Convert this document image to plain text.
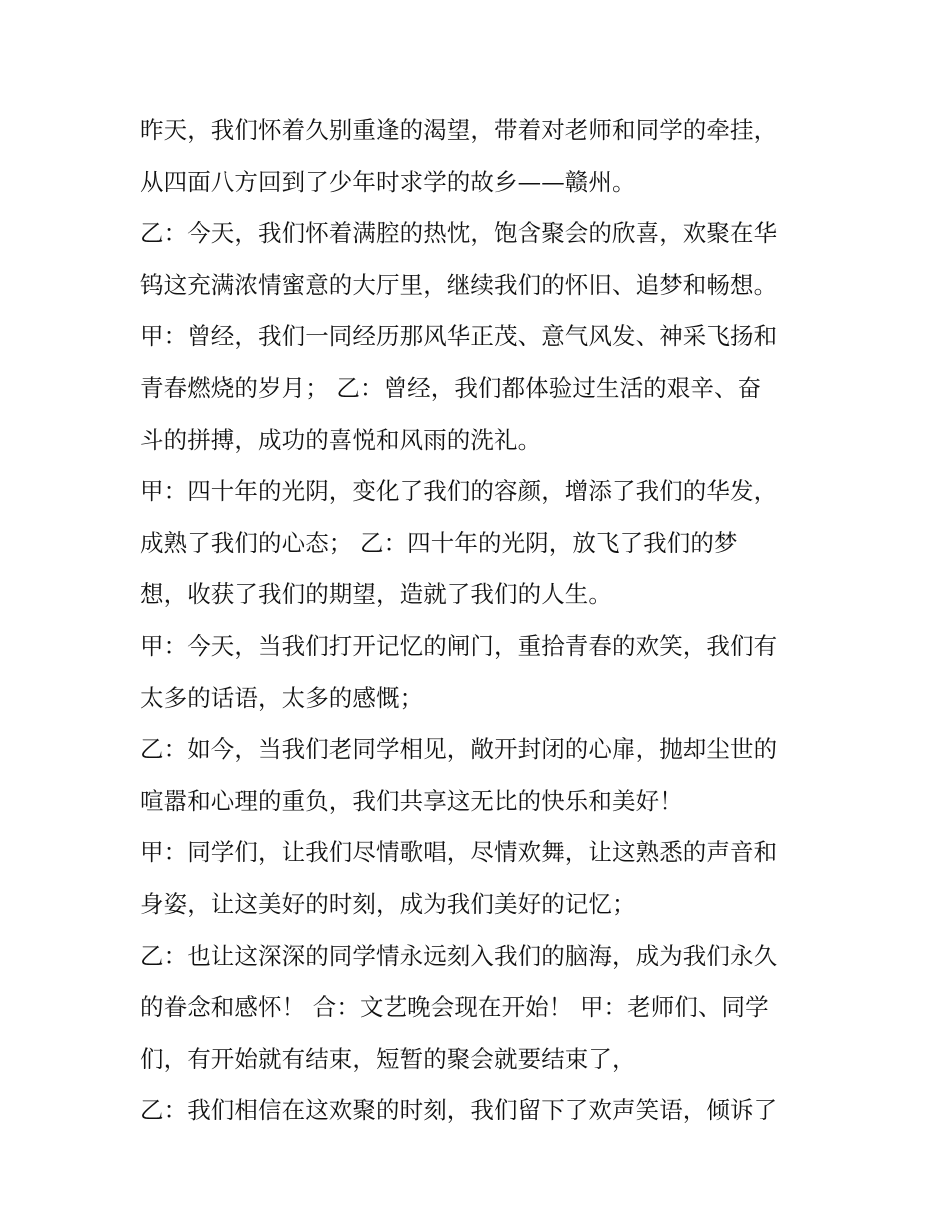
昨天，我们怀着久别重逢的渴望，带着对老师和同学的牵挂，
从四面八方回到了少年时求学的故乡——赣州。
乙：今天，我们怀着满腔的热忱，饱含聚会的欣喜，欢聚在华
钨这充满浓情蜜意的大厅里，继续我们的怀旧、追梦和畅想。
甲：曾经，我们一同经历那风华正茂、意气风发、神采飞扬和
青春燃烧的岁月； 乙：曾经，我们都体验过生活的艰辛、奋
斗的拼搏，成功的喜悦和风雨的洗礼。
甲：四十年的光阴，变化了我们的容颜，增添了我们的华发，
成熟了我们的心态； 乙：四十年的光阴，放飞了我们的梦
想，收获了我们的期望，造就了我们的人生。
甲：今天，当我们打开记忆的闸门，重拾青春的欢笑，我们有
太多的话语，太多的感慨；
乙：如今，当我们老同学相见，敞开封闭的心扉，抛却尘世的
喧嚣和心理的重负，我们共享这无比的快乐和美好！
甲：同学们，让我们尽情歌唱，尽情欢舞，让这熟悉的声音和
身姿，让这美好的时刻，成为我们美好的记忆；
乙：也让这深深的同学情永远刻入我们的脑海，成为我们永久
的眷念和感怀！ 合：文艺晚会现在开始！ 甲：老师们、同学
们，有开始就有结束，短暂的聚会就要结束了，
乙：我们相信在这欢聚的时刻，我们留下了欢声笑语，倾诉了
